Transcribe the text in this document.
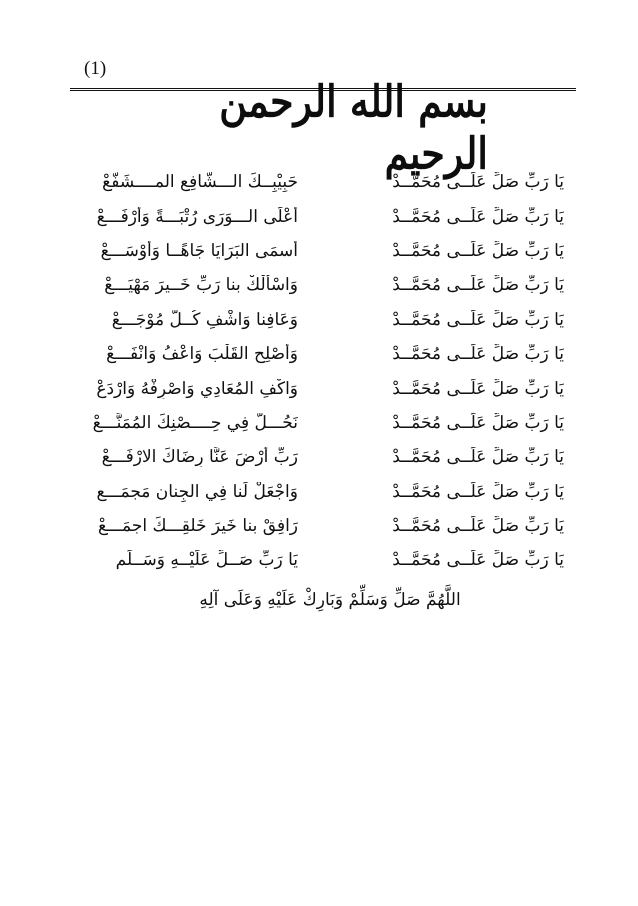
(1)
بسم الله الرحمن الرحيم
يَا رَبِّ صَلِّ عَلَــى مُحَمَّــدْ
حَبِيْبِــكَ الـــشَّافِعِ المــــشَفَّعْ
يَا رَبِّ صَلِّ عَلَــى مُحَمَّــدْ
أَعْلَى الـــوَرَى رُتْبَـــةً وَأَرْفَـــعْ
يَا رَبِّ صَلِّ عَلَــى مُحَمَّــدْ
أَسمَى البَرَايَا جَاهًــا وَأَوْسَـــعْ
يَا رَبِّ صَلِّ عَلَــى مُحَمَّــدْ
وَاسْأَلْكْ بنا رَبِّ خَــيرَ مَهْيَـــعْ
يَا رَبِّ صَلِّ عَلَــى مُحَمَّــدْ
وَعَافِنا وَاشْفِ كُــلَّ مُوْجَـــعْ
يَا رَبِّ صَلِّ عَلَــى مُحَمَّــدْ
وَأَصْلِحِ القَلْبَ وَاعْفُ وَانْفَـــعْ
يَا رَبِّ صَلِّ عَلَــى مُحَمَّــدْ
وَاكْفِ المُعَادِي وَاصْرِفْهُ وَارْدَعْ
يَا رَبِّ صَلِّ عَلَــى مُحَمَّــدْ
نَحُـــلَّ فِي حِــــصْنِكَ المُمَنَّـــعْ
يَا رَبِّ صَلِّ عَلَــى مُحَمَّــدْ
رَبِّ أَرْضَ عَنَّا رِضَاكَ الارْفَـــعْ
يَا رَبِّ صَلِّ عَلَــى مُحَمَّــدْ
وَاجْعَلْ لَنا فِي الجِنان مَجمَـــع
يَا رَبِّ صَلِّ عَلَــى مُحَمَّــدْ
رَافِقْ بنا خَيرَ خَلقِـــكَ اجمَـــعْ
يَا رَبِّ صَلِّ عَلَــى مُحَمَّــدْ
يَا رَبِّ صَــلِّ عَلَيْــهِ وَسَــلِّم
اللَّهُمَّ صَلِّ وَسَلِّمْ وَبَارِكْ عَلَيْهِ وَعَلَى آلِهِ
